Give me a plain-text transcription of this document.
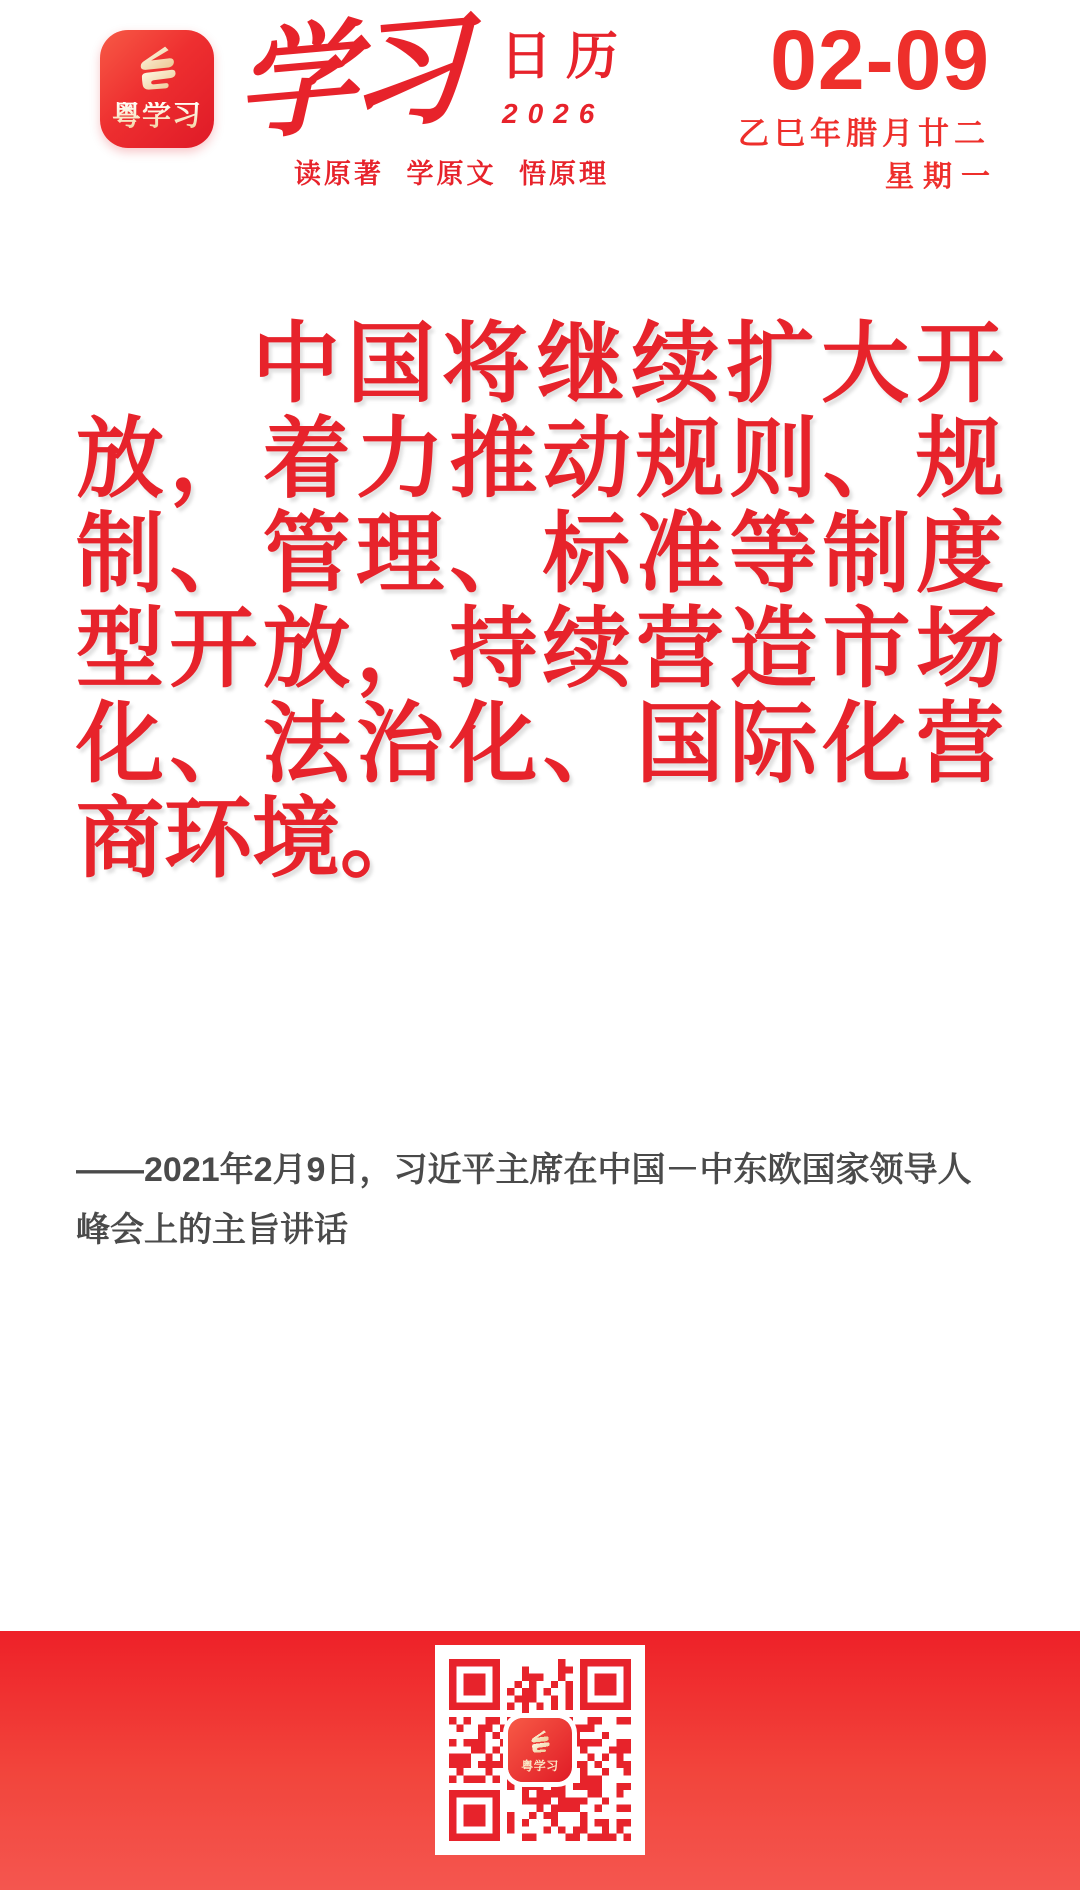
粤学习 学习 日历
2026
读原著 学原文 悟原理
02-09
乙巳年腊月廿二
星期一
中国将继续扩大开
放，着力推动规则、规
制、管理、标准等制度
型开放，持续营造市场
化、法治化、国际化营
商环境。

——2021年2月9日，习近平主席在中国－中东欧国家领导人峰会上的主旨讲话

粤学习
